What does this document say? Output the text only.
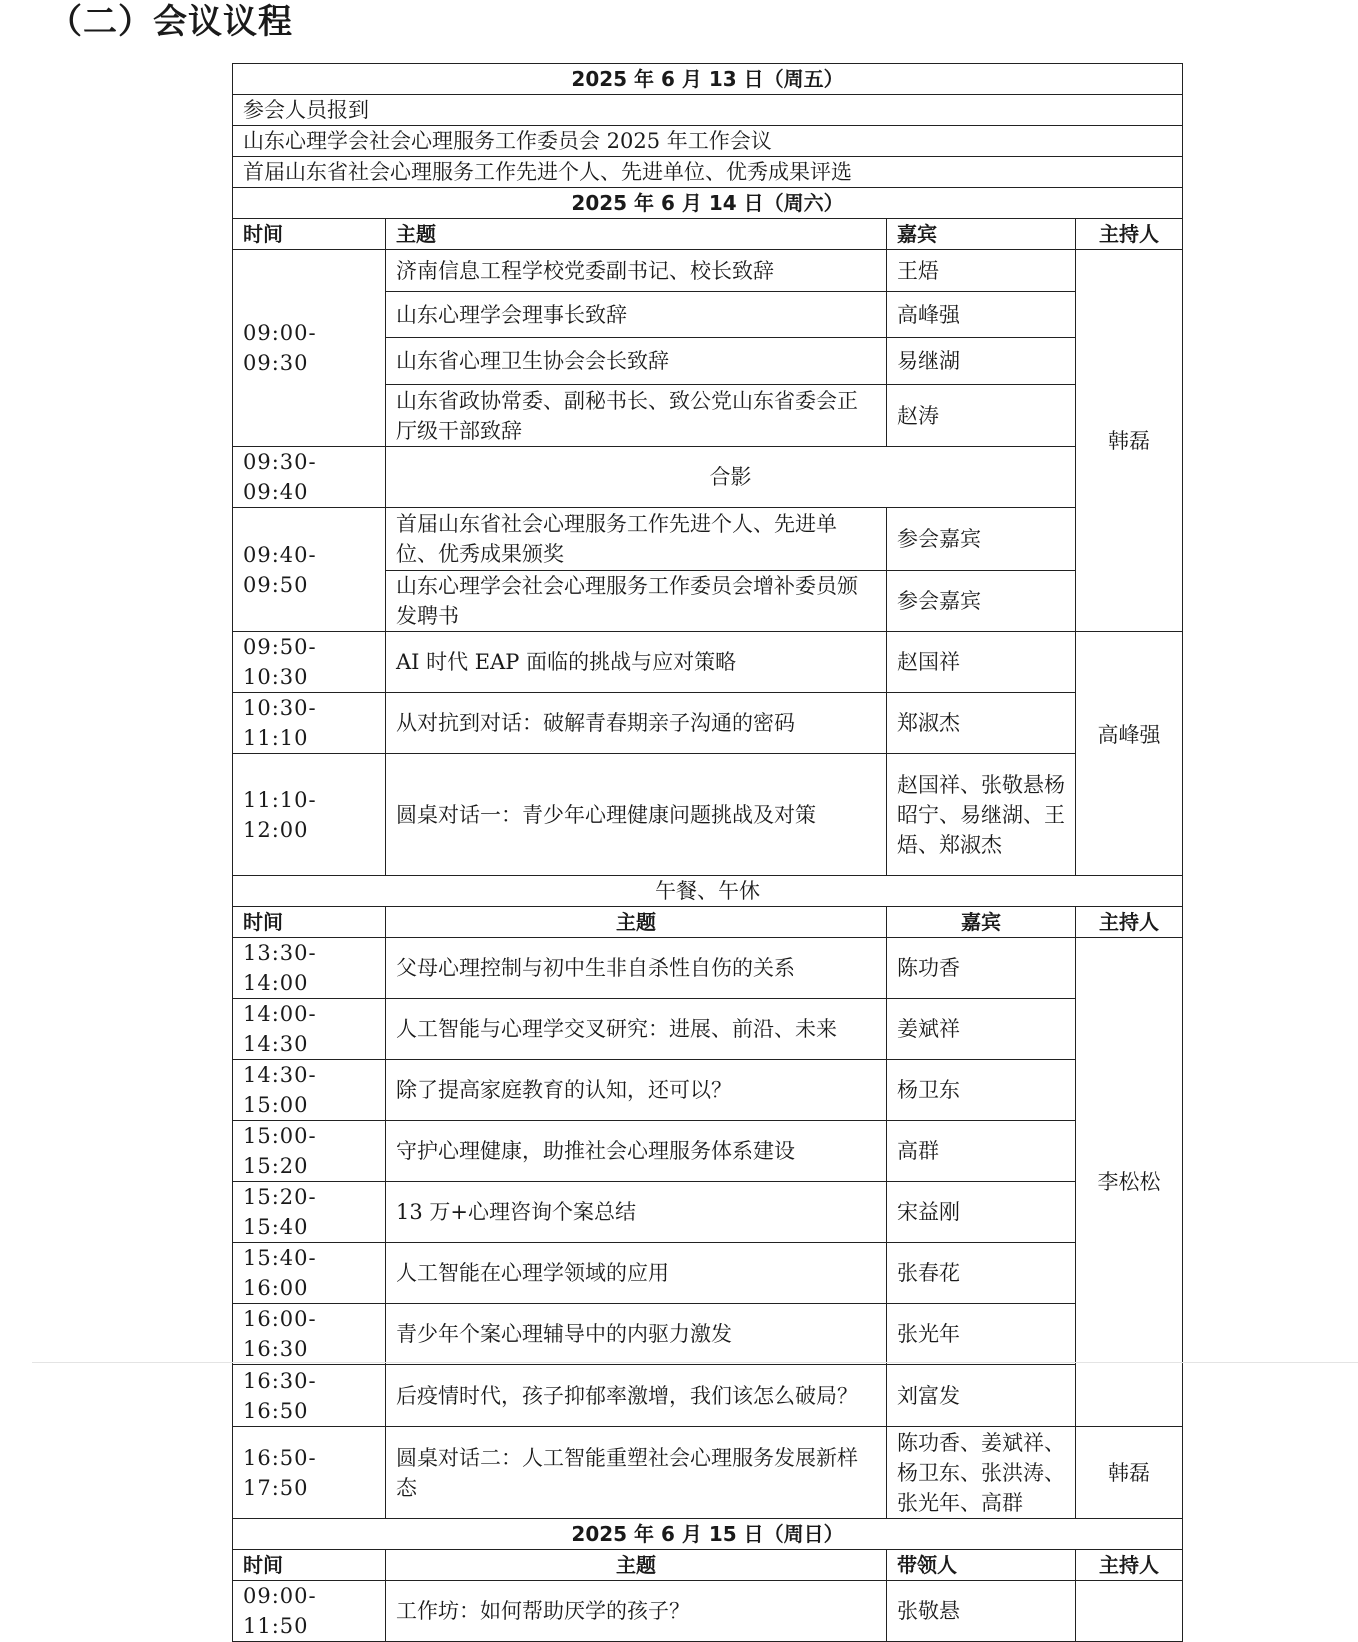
（二）会议议程
2025 年 6 月 13 日（周五）			
参会人员报到			
山东心理学会社会心理服务工作委员会 2025 年工作会议			
首届山东省社会心理服务工作先进个人、先进单位、优秀成果评选			
2025 年 6 月 14 日（周六）			
时间	主题	嘉宾	主持人
09:00-09:30	济南信息工程学校党委副书记、校长致辞	王焐	韩磊
	山东心理学会理事长致辞	高峰强	
	山东省心理卫生协会会长致辞	易继湖	
	山东省政协常委、副秘书长、致公党山东省委会正厅级干部致辞	赵涛	
09:30-09:40	合影		
09:40-09:50	首届山东省社会心理服务工作先进个人、先进单位、优秀成果颁奖	参会嘉宾	
	山东心理学会社会心理服务工作委员会增补委员颁发聘书	参会嘉宾	
09:50-10:30	AI 时代 EAP 面临的挑战与应对策略	赵国祥	高峰强
10:30-11:10	从对抗到对话：破解青春期亲子沟通的密码	郑淑杰	
11:10-12:00	圆桌对话一：青少年心理健康问题挑战及对策	赵国祥、张敬悬杨昭宁、易继湖、王焐、郑淑杰	
午餐、午休			
时间	主题	嘉宾	主持人
13:30-14:00	父母心理控制与初中生非自杀性自伤的关系	陈功香	李松松
14:00-14:30	人工智能与心理学交叉研究：进展、前沿、未来	姜斌祥	
14:30-15:00	除了提高家庭教育的认知，还可以？	杨卫东	
15:00-15:20	守护心理健康，助推社会心理服务体系建设	高群	
15:20-15:40	13 万+心理咨询个案总结	宋益刚	
15:40-16:00	人工智能在心理学领域的应用	张春花	
16:00-16:30	青少年个案心理辅导中的内驱力激发	张光年	
16:30-16:50	后疫情时代，孩子抑郁率激增，我们该怎么破局？	刘富发	
16:50-17:50	圆桌对话二：人工智能重塑社会心理服务发展新样态	陈功香、姜斌祥、杨卫东、张洪涛、张光年、高群	韩磊
2025 年 6 月 15 日（周日）			
时间	主题	带领人	主持人
09:00-11:50	工作坊：如何帮助厌学的孩子？	张敬悬	
